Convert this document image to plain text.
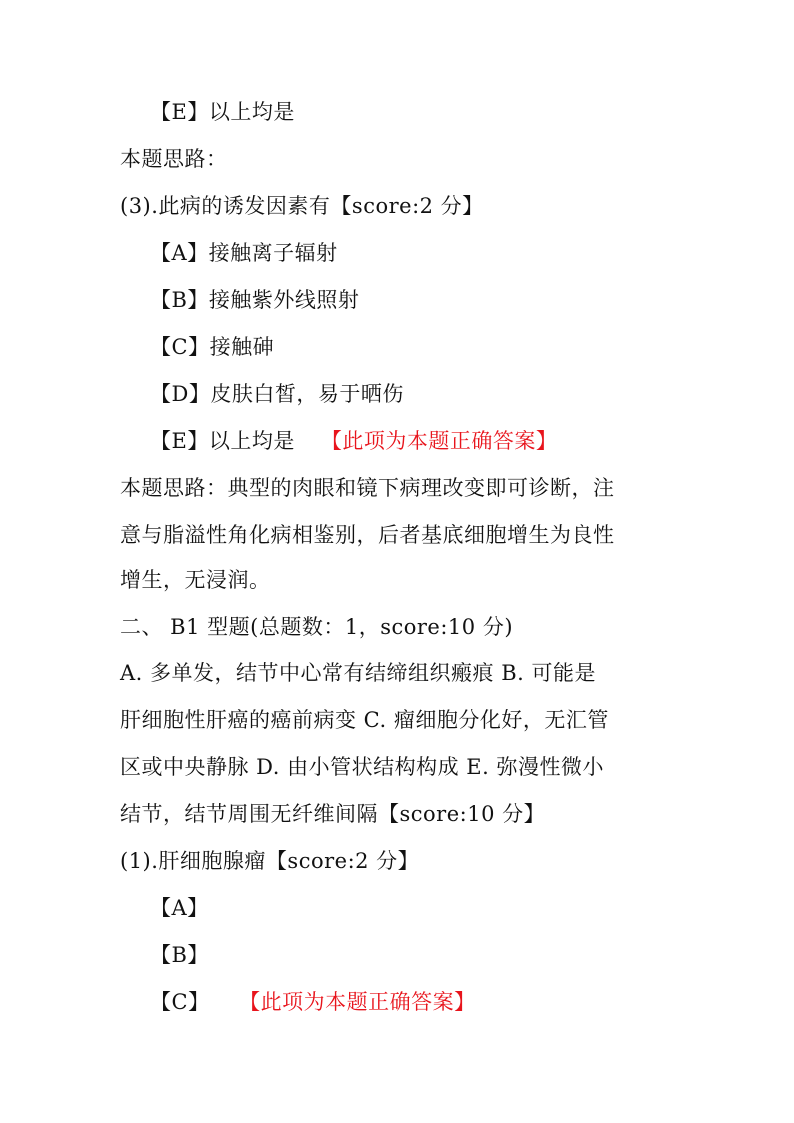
【E】以上均是
本题思路：
(3).此病的诱发因素有【score:2 分】
【A】接触离子辐射
【B】接触紫外线照射
【C】接触砷
【D】皮肤白皙，易于晒伤
【E】以上均是 【此项为本题正确答案】
本题思路：典型的肉眼和镜下病理改变即可诊断，注
意与脂溢性角化病相鉴别，后者基底细胞增生为良性
增生，无浸润。
二、 B1 型题(总题数：1，score:10 分)
A. 多单发，结节中心常有结缔组织瘢痕 B. 可能是
肝细胞性肝癌的癌前病变 C. 瘤细胞分化好，无汇管
区或中央静脉 D. 由小管状结构构成 E. 弥漫性微小
结节，结节周围无纤维间隔【score:10 分】
(1).肝细胞腺瘤【score:2 分】
【A】
【B】
【C】 【此项为本题正确答案】
